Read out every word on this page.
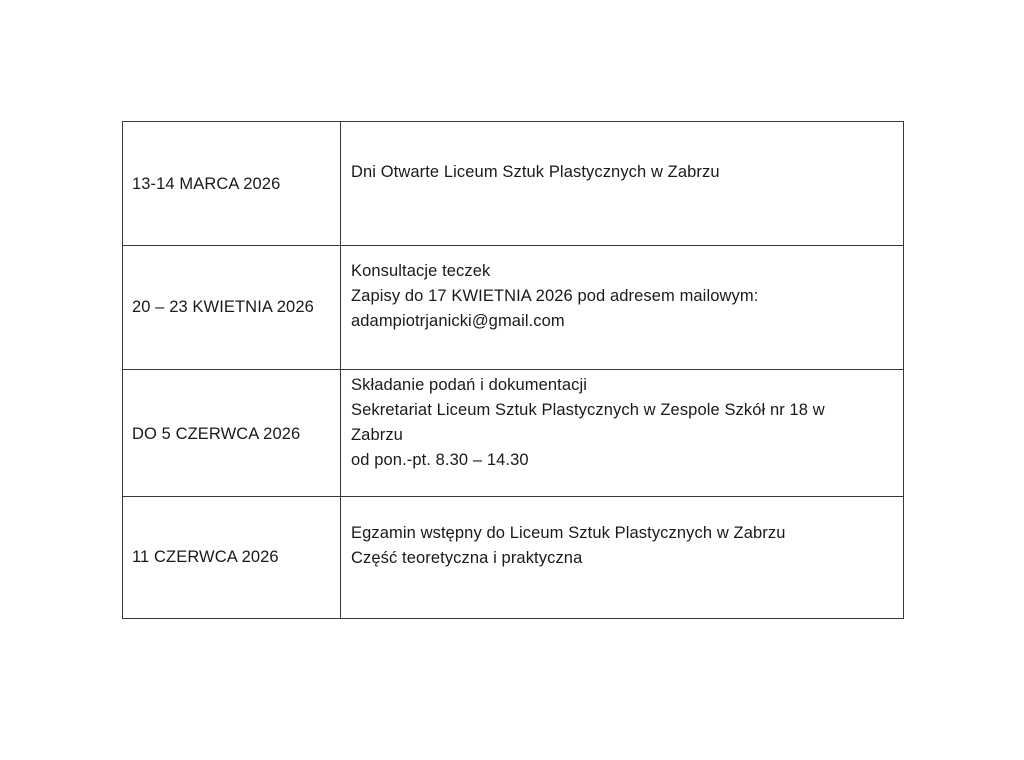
13-14 MARCA 2026	Dni Otwarte Liceum Sztuk Plastycznych w Zabrzu

20 – 23 KWIETNIA 2026	Konsultacje teczek
Zapisy do 17 KWIETNIA 2026 pod adresem mailowym:
adampiotrjanicki@gmail.com

DO 5 CZERWCA 2026	Składanie podań i dokumentacji
Sekretariat Liceum Sztuk Plastycznych w Zespole Szkół nr 18 w
Zabrzu
od pon.-pt. 8.30 – 14.30

11 CZERWCA 2026	Egzamin wstępny do Liceum Sztuk Plastycznych w Zabrzu
Część teoretyczna i praktyczna
